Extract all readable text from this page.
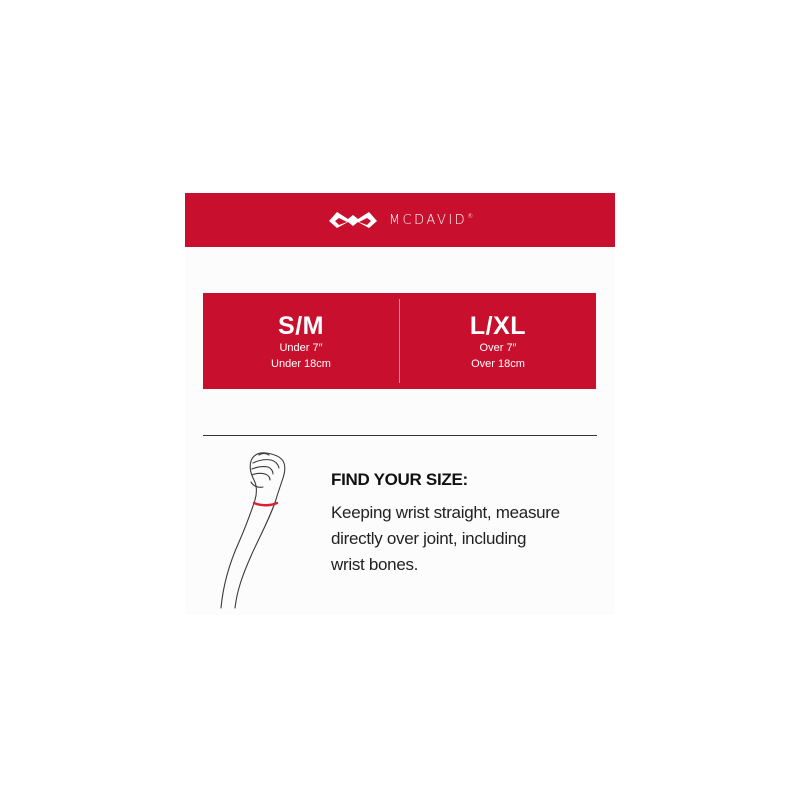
MCDAVID®
S/M
Under 7″
Under 18cm
L/XL
Over 7″
Over 18cm
FIND YOUR SIZE:
Keeping wrist straight, measure
directly over joint, including
wrist bones.
